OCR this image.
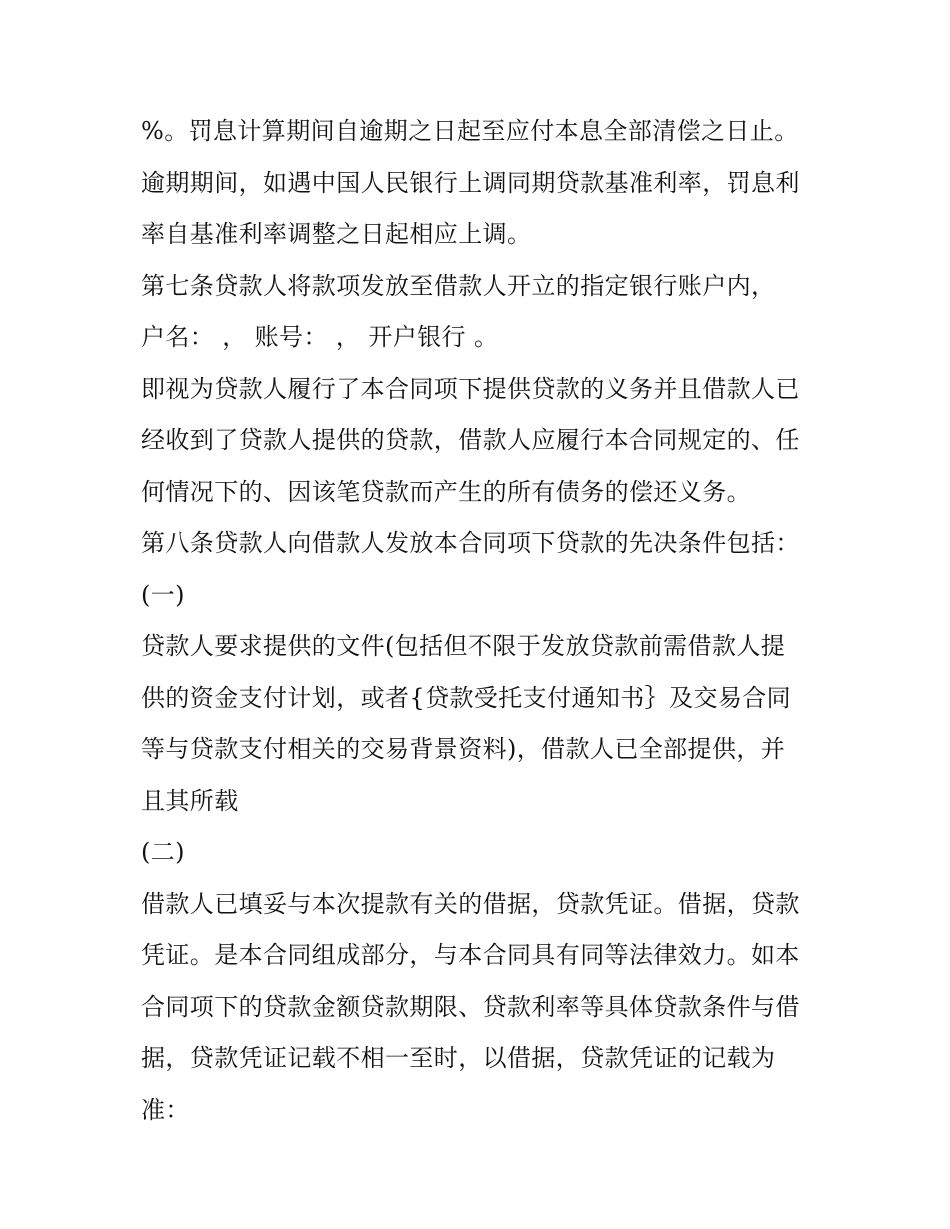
%。罚息计算期间自逾期之日起至应付本息全部清偿之日止。
逾期期间，如遇中国人民银行上调同期贷款基准利率，罚息利
率自基准利率调整之日起相应上调。
第七条贷款人将款项发放至借款人开立的指定银行账户内，
户名： ， 账号： ， 开户银行 。
即视为贷款人履行了本合同项下提供贷款的义务并且借款人已
经收到了贷款人提供的贷款，借款人应履行本合同规定的、任
何情况下的、因该笔贷款而产生的所有债务的偿还义务。
第八条贷款人向借款人发放本合同项下贷款的先决条件包括：
(一)
贷款人要求提供的文件(包括但不限于发放贷款前需借款人提
供的资金支付计划，或者{贷款受托支付通知书｝及交易合同
等与贷款支付相关的交易背景资料)，借款人已全部提供，并
且其所载
(二)
借款人已填妥与本次提款有关的借据，贷款凭证。借据，贷款
凭证。是本合同组成部分，与本合同具有同等法律效力。如本
合同项下的贷款金额贷款期限、贷款利率等具体贷款条件与借
据，贷款凭证记载不相一至时，以借据，贷款凭证的记载为
准：
